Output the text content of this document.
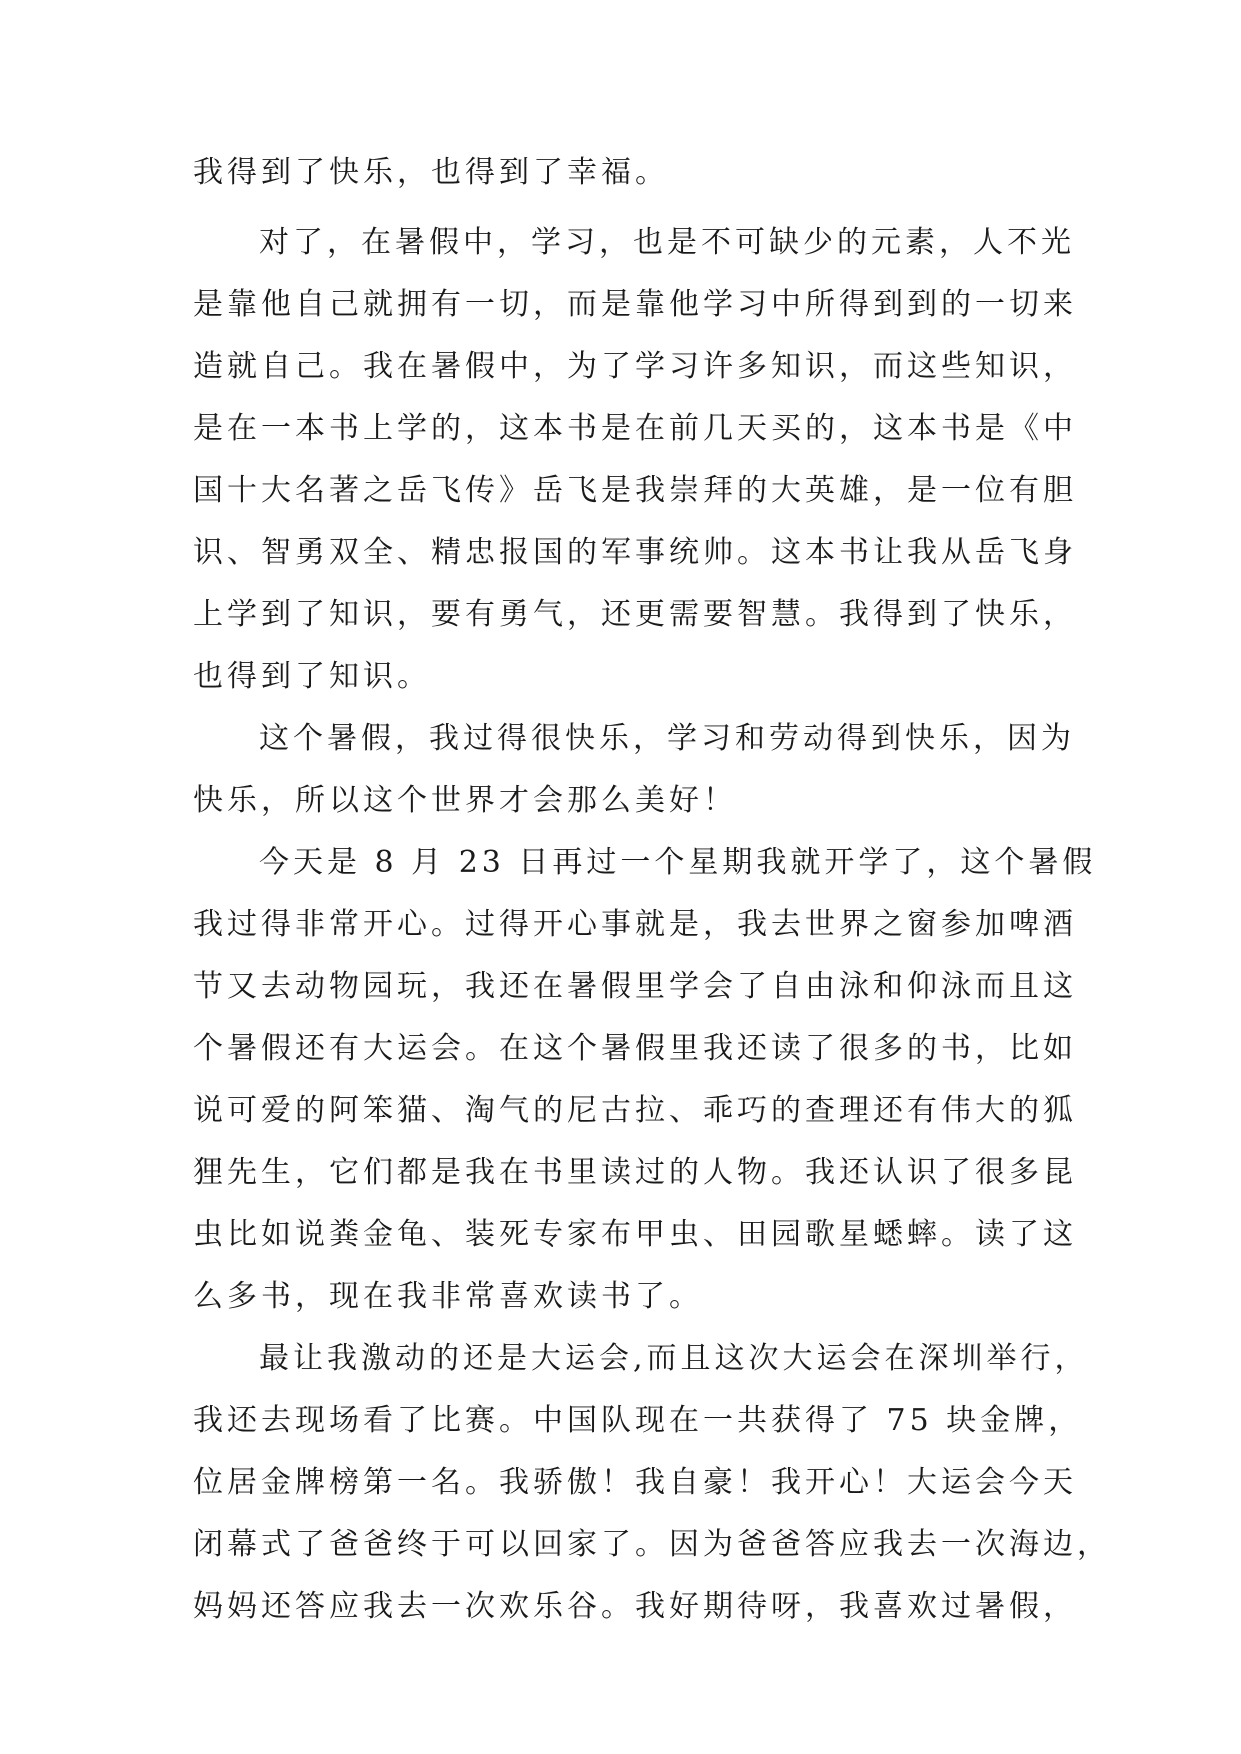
我得到了快乐，也得到了幸福。

对了，在暑假中，学习，也是不可缺少的元素，人不光

是靠他自己就拥有一切，而是靠他学习中所得到到的一切来

造就自己。我在暑假中，为了学习许多知识，而这些知识，

是在一本书上学的，这本书是在前几天买的，这本书是《中

国十大名著之岳飞传》岳飞是我崇拜的大英雄，是一位有胆

识、智勇双全、精忠报国的军事统帅。这本书让我从岳飞身

上学到了知识，要有勇气，还更需要智慧。我得到了快乐，

也得到了知识。

这个暑假，我过得很快乐，学习和劳动得到快乐，因为

快乐，所以这个世界才会那么美好！

今天是 8 月 23 日再过一个星期我就开学了，这个暑假

我过得非常开心。过得开心事就是，我去世界之窗参加啤酒

节又去动物园玩，我还在暑假里学会了自由泳和仰泳而且这

个暑假还有大运会。在这个暑假里我还读了很多的书，比如

说可爱的阿笨猫、淘气的尼古拉、乖巧的查理还有伟大的狐

狸先生，它们都是我在书里读过的人物。我还认识了很多昆

虫比如说粪金龟、装死专家布甲虫、田园歌星蟋蟀。读了这

么多书，现在我非常喜欢读书了。

最让我激动的还是大运会,而且这次大运会在深圳举行，

我还去现场看了比赛。中国队现在一共获得了 75 块金牌，

位居金牌榜第一名。我骄傲！我自豪！我开心！大运会今天

闭幕式了爸爸终于可以回家了。因为爸爸答应我去一次海边，

妈妈还答应我去一次欢乐谷。我好期待呀，我喜欢过暑假，
